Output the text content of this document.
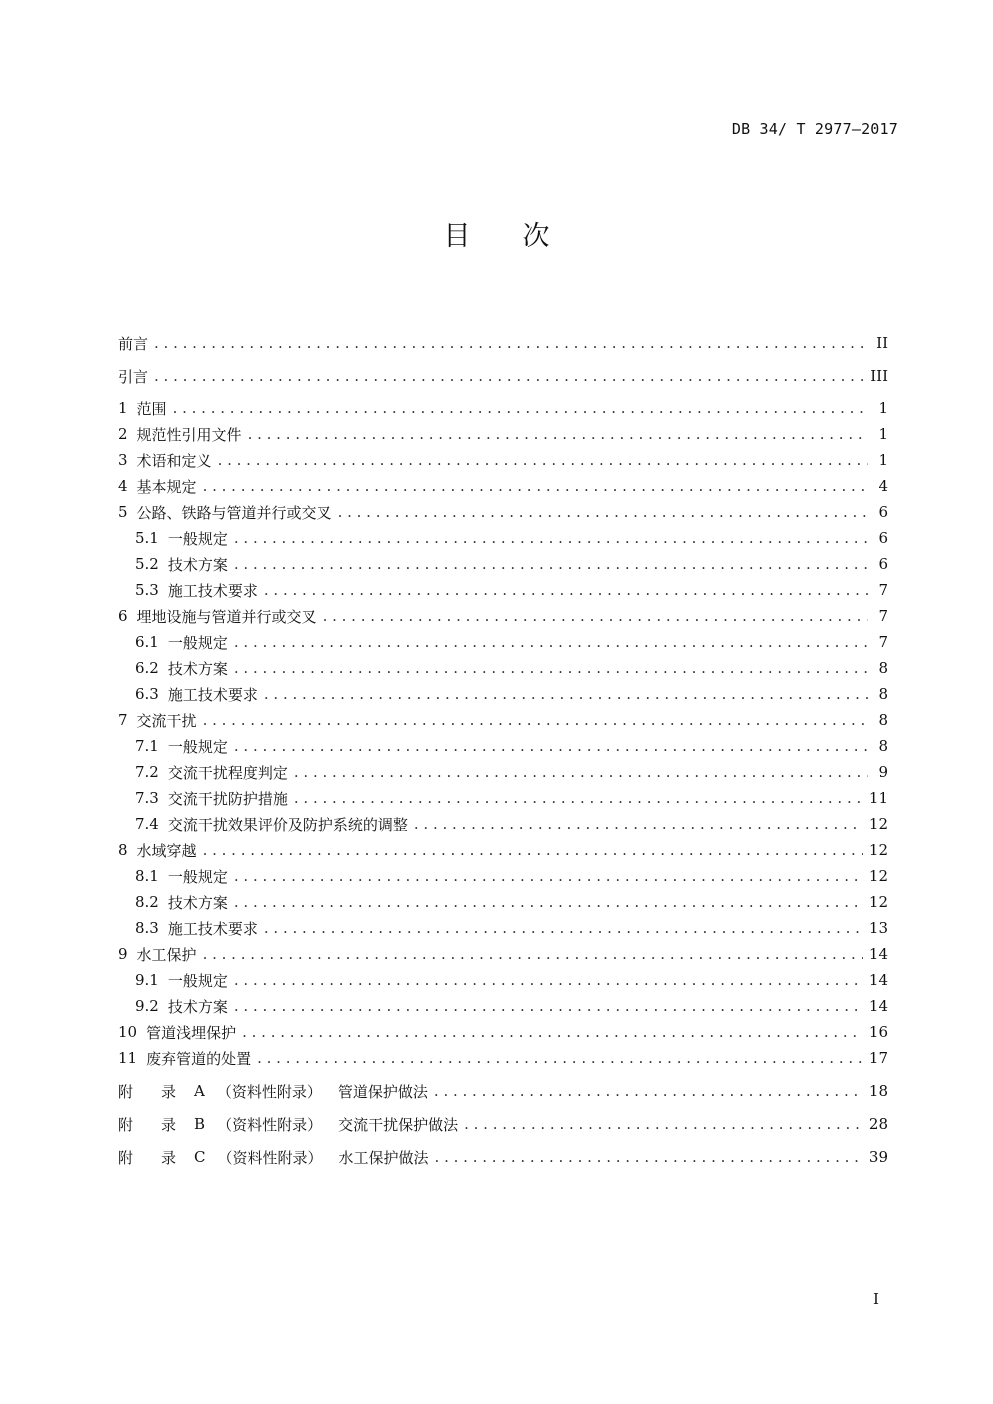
DB 34/ T 2977—2017
目次
前言 . . .	II
引言 . . .	III
1 范围 . . .	1
2 规范性引用文件 . . .	1
3 术语和定义 . . .	1
4 基本规定 . . .	4
5 公路、铁路与管道并行或交叉 . . .	6
5.1 一般规定 . . .	6
5.2 技术方案 . . .	6
5.3 施工技术要求 . . .	7
6 埋地设施与管道并行或交叉 . . .	7
6.1 一般规定 . . .	7
6.2 技术方案 . . .	8
6.3 施工技术要求 . . .	8
7 交流干扰 . . .	8
7.1 一般规定 . . .	8
7.2 交流干扰程度判定 . . .	9
7.3 交流干扰防护措施 . . .	11
7.4 交流干扰效果评价及防护系统的调整 . . .	12
8 水域穿越 . . .	12
8.1 一般规定 . . .	12
8.2 技术方案 . . .	12
8.3 施工技术要求 . . .	13
9 水工保护 . . .	14
9.1 一般规定 . . .	14
9.2 技术方案 . . .	14
10 管道浅埋保护 . . .	16
11 废弃管道的处置 . . .	17
附 录 A （资料性附录） 管道保护做法 . . .	18
附 录 B （资料性附录） 交流干扰保护做法 . . .	28
附 录 C （资料性附录） 水工保护做法 . . .	39
I
